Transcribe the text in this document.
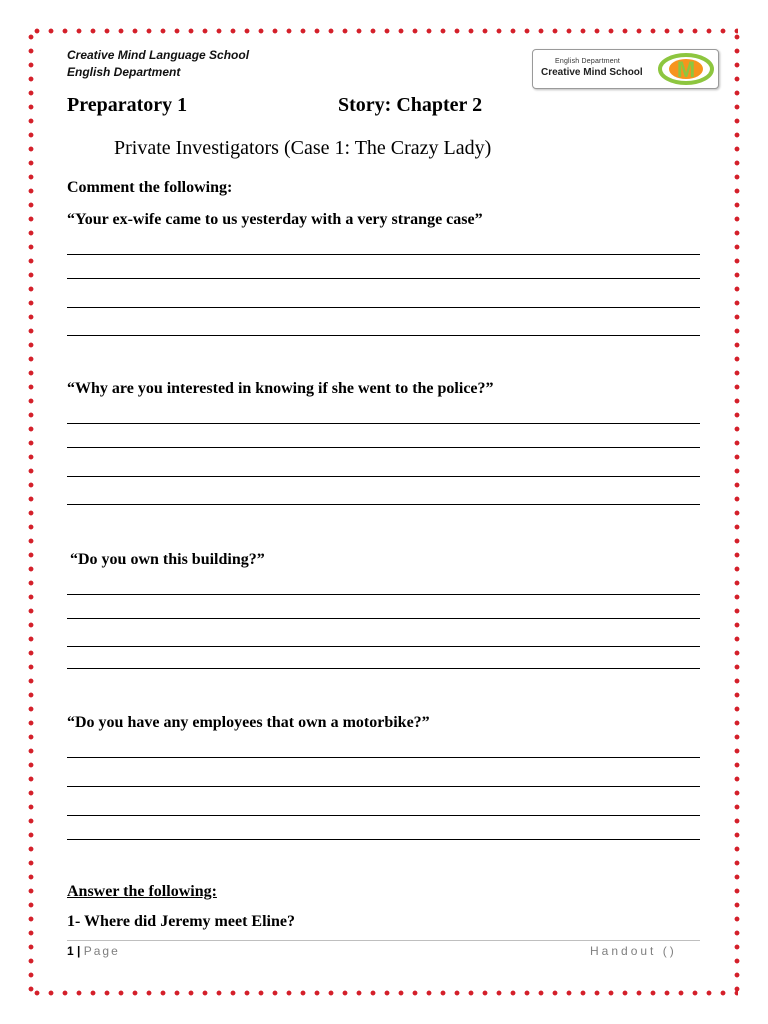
Creative Mind Language School
English Department
English Department
Creative Mind School M
Preparatory 1	Story: Chapter 2
Private Investigators (Case 1: The Crazy Lady)
Comment the following:
“Your ex-wife came to us yesterday with a very strange case”
“Why are you interested in knowing if she went to the police?”
“Do you own this building?”
“Do you have any employees that own a motorbike?”
Answer the following:
1- Where did Jeremy meet Eline?
1 | Page	Handout ()
